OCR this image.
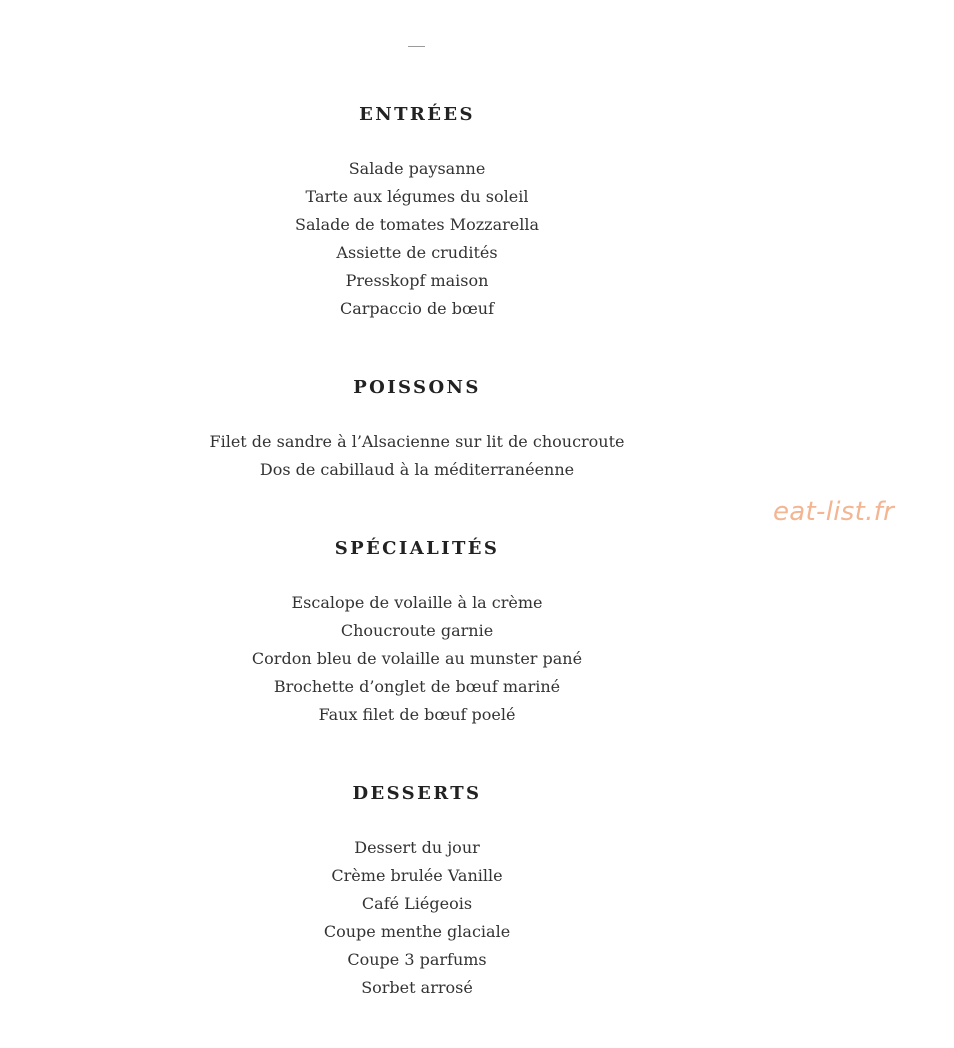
ENTRÉES
Salade paysanne
Tarte aux légumes du soleil
Salade de tomates Mozzarella
Assiette de crudités
Presskopf maison
Carpaccio de bœuf
POISSONS
Filet de sandre à l’Alsacienne sur lit de choucroute
Dos de cabillaud à la méditerranéenne
SPÉCIALITÉS
Escalope de volaille à la crème
Choucroute garnie
Cordon bleu de volaille au munster pané
Brochette d’onglet de bœuf mariné
Faux filet de bœuf poelé
DESSERTS
Dessert du jour
Crème brulée Vanille
Café Liégeois
Coupe menthe glaciale
Coupe 3 parfums
Sorbet arrosé
eat-list.fr
